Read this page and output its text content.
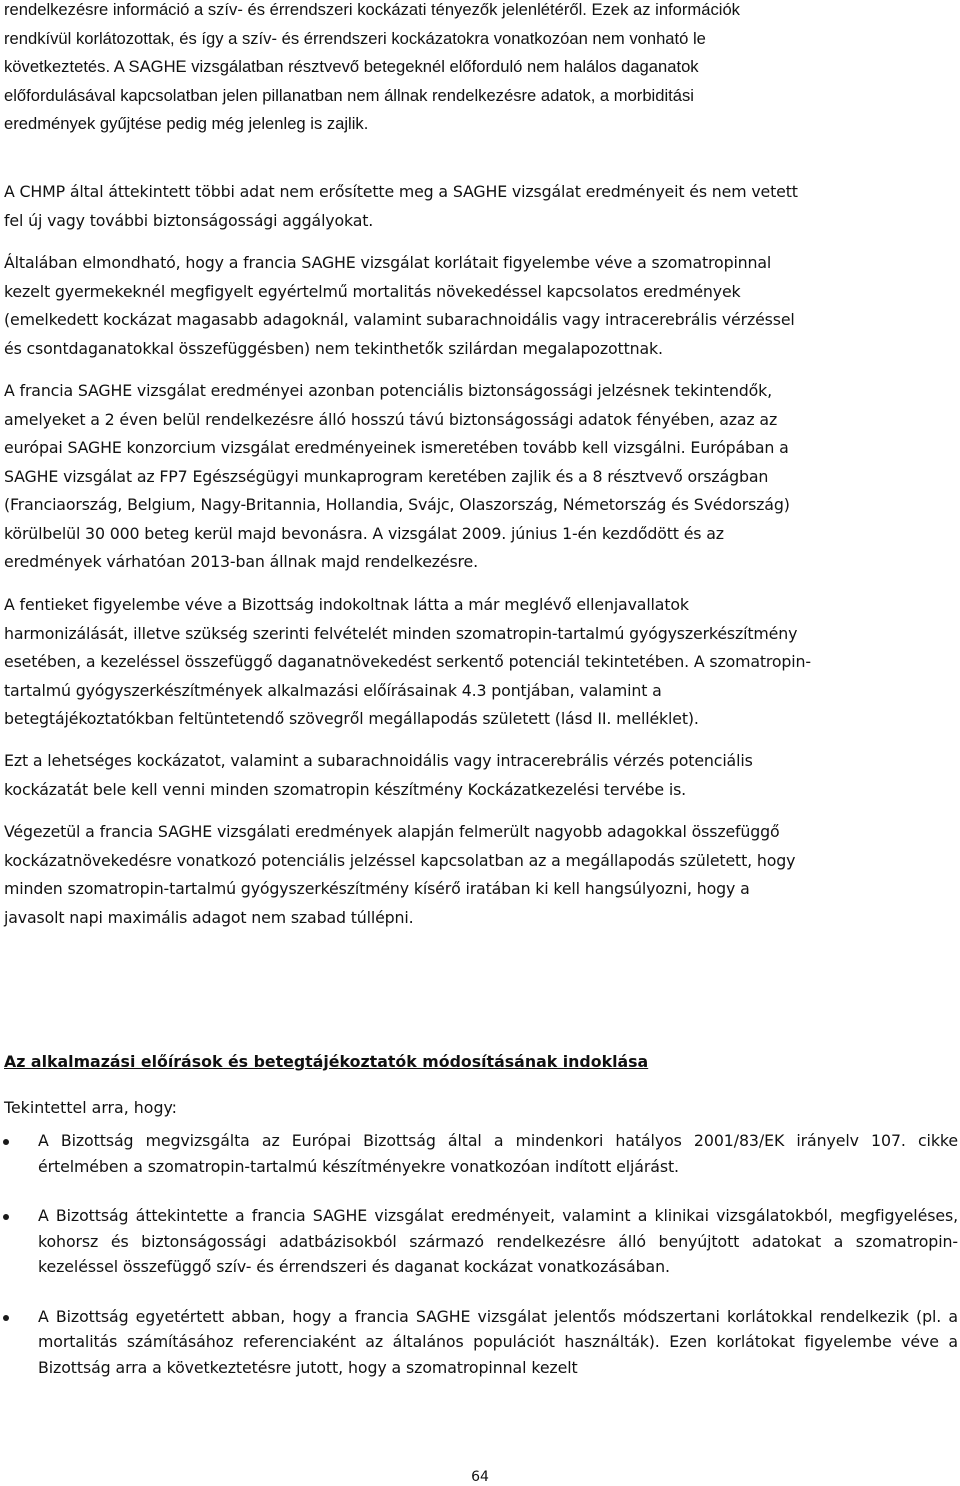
rendelkezésre információ a szív- és érrendszeri kockázati tényezők jelenlétéről. Ezek az információk
rendkívül korlátozottak, és így a szív- és érrendszeri kockázatokra vonatkozóan nem vonható le
következtetés. A SAGHE vizsgálatban résztvevő betegeknél előforduló nem halálos daganatok
előfordulásával kapcsolatban jelen pillanatban nem állnak rendelkezésre adatok, a morbiditási
eredmények gyűjtése pedig még jelenleg is zajlik.
A CHMP által áttekintett többi adat nem erősítette meg a SAGHE vizsgálat eredményeit és nem vetett
fel új vagy további biztonságossági aggályokat.
Általában elmondható, hogy a francia SAGHE vizsgálat korlátait figyelembe véve a szomatropinnal
kezelt gyermekeknél megfigyelt egyértelmű mortalitás növekedéssel kapcsolatos eredmények
(emelkedett kockázat magasabb adagoknál, valamint subarachnoidális vagy intracerebrális vérzéssel
és csontdaganatokkal összefüggésben) nem tekinthetők szilárdan megalapozottnak.
A francia SAGHE vizsgálat eredményei azonban potenciális biztonságossági jelzésnek tekintendők,
amelyeket a 2 éven belül rendelkezésre álló hosszú távú biztonságossági adatok fényében, azaz az
európai SAGHE konzorcium vizsgálat eredményeinek ismeretében tovább kell vizsgálni. Európában a
SAGHE vizsgálat az FP7 Egészségügyi munkaprogram keretében zajlik és a 8 résztvevő országban
(Franciaország, Belgium, Nagy-Britannia, Hollandia, Svájc, Olaszország, Németország és Svédország)
körülbelül 30 000 beteg kerül majd bevonásra. A vizsgálat 2009. június 1-én kezdődött és az
eredmények várhatóan 2013-ban állnak majd rendelkezésre.
A fentieket figyelembe véve a Bizottság indokoltnak látta a már meglévő ellenjavallatok
harmonizálását, illetve szükség szerinti felvételét minden szomatropin-tartalmú gyógyszerkészítmény
esetében, a kezeléssel összefüggő daganatnövekedést serkentő potenciál tekintetében. A szomatropin-
tartalmú gyógyszerkészítmények alkalmazási előírásainak 4.3 pontjában, valamint a
betegtájékoztatókban feltüntetendő szövegről megállapodás született (lásd II. melléklet).
Ezt a lehetséges kockázatot, valamint a subarachnoidális vagy intracerebrális vérzés potenciális
kockázatát bele kell venni minden szomatropin készítmény Kockázatkezelési tervébe is.
Végezetül a francia SAGHE vizsgálati eredmények alapján felmerült nagyobb adagokkal összefüggő
kockázatnövekedésre vonatkozó potenciális jelzéssel kapcsolatban az a megállapodás született, hogy
minden szomatropin-tartalmú gyógyszerkészítmény kísérő iratában ki kell hangsúlyozni, hogy a
javasolt napi maximális adagot nem szabad túllépni.
Az alkalmazási előírások és betegtájékoztatók módosításának indoklása
Tekintettel arra, hogy:
A Bizottság megvizsgálta az Európai Bizottság által a mindenkori hatályos 2001/83/EK irányelv 107. cikke értelmében a szomatropin-tartalmú készítményekre vonatkozóan indított eljárást.
A Bizottság áttekintette a francia SAGHE vizsgálat eredményeit, valamint a klinikai vizsgálatokból, megfigyeléses, kohorsz és biztonságossági adatbázisokból származó rendelkezésre álló benyújtott adatokat a szomatropin-kezeléssel összefüggő szív- és érrendszeri és daganat kockázat vonatkozásában.
A Bizottság egyetértett abban, hogy a francia SAGHE vizsgálat jelentős módszertani korlátokkal rendelkezik (pl. a mortalitás számításához referenciaként az általános populációt használták). Ezen korlátokat figyelembe véve a Bizottság arra a következtetésre jutott, hogy a szomatropinnal kezelt
64
